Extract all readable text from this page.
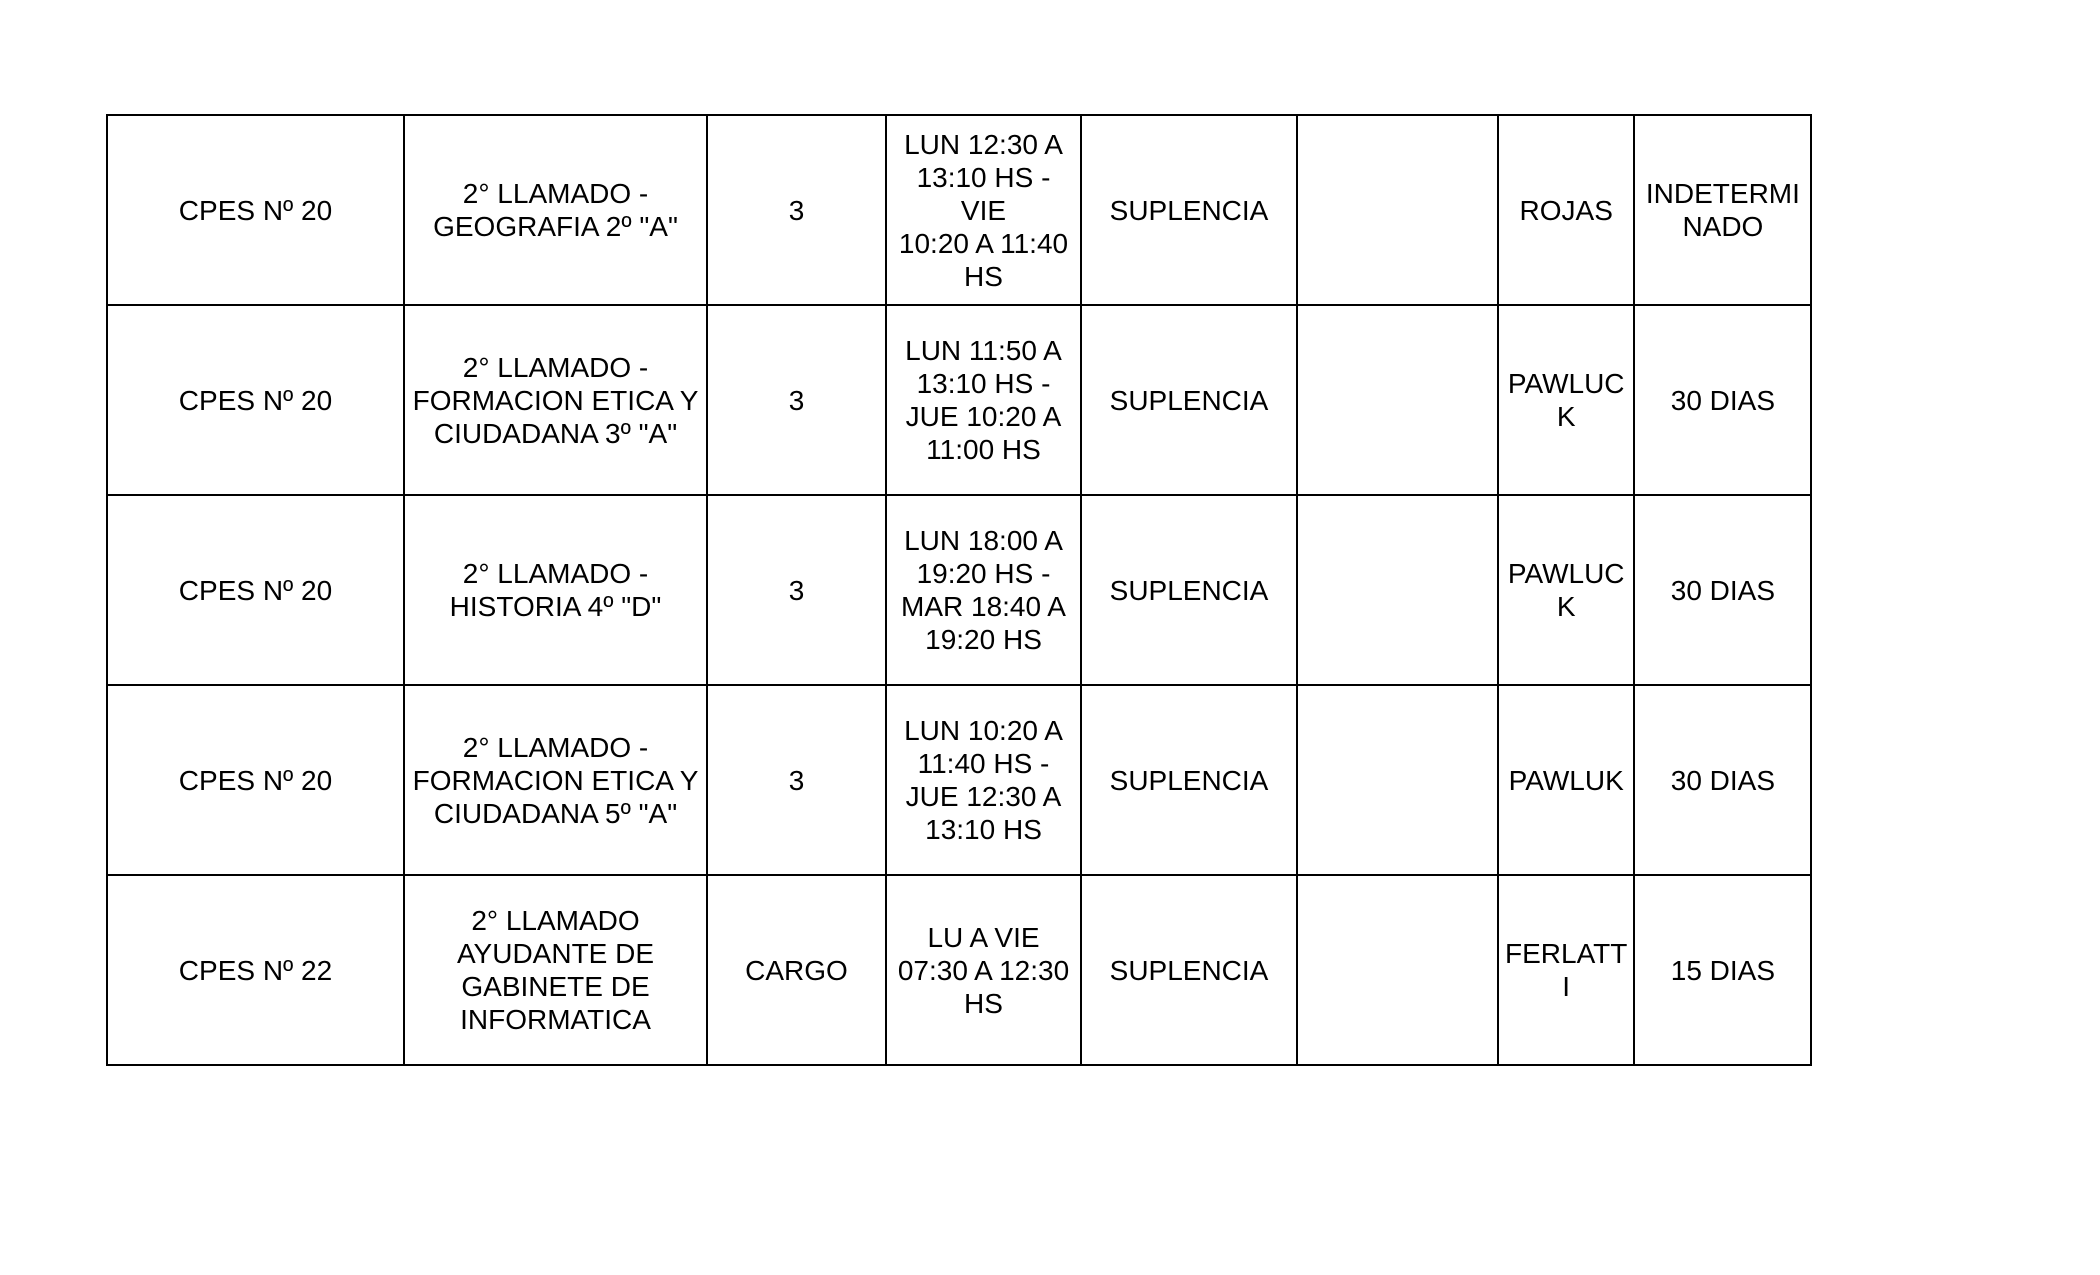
CPES Nº 20	2° LLAMADO -
GEOGRAFIA 2º "A"	3	LUN 12:30 A
13:10 HS - VIE
10:20 A 11:40
HS	SUPLENCIA		ROJAS	INDETERMI
NADO
CPES Nº 20	2° LLAMADO -
FORMACION ETICA Y
CIUDADANA 3º "A"	3	LUN 11:50 A
13:10 HS -
JUE 10:20 A
11:00 HS	SUPLENCIA		PAWLUC
K	30 DIAS
CPES Nº 20	2° LLAMADO -
HISTORIA 4º "D"	3	LUN 18:00 A
19:20 HS -
MAR 18:40 A
19:20 HS	SUPLENCIA		PAWLUC
K	30 DIAS
CPES Nº 20	2° LLAMADO -
FORMACION ETICA Y
CIUDADANA 5º "A"	3	LUN 10:20 A
11:40 HS -
JUE 12:30 A
13:10 HS	SUPLENCIA		PAWLUK	30 DIAS
CPES Nº 22	2° LLAMADO
AYUDANTE DE
GABINETE DE
INFORMATICA	CARGO	LU A VIE
07:30 A 12:30
HS	SUPLENCIA		FERLATT
I	15 DIAS
